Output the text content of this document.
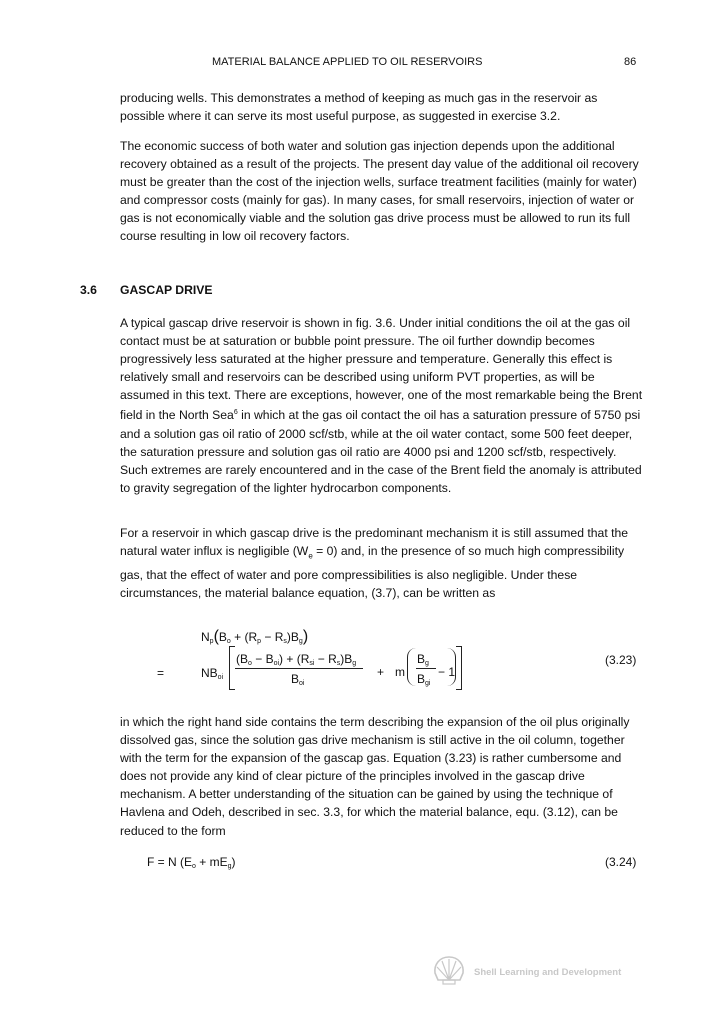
MATERIAL BALANCE APPLIED TO OIL RESERVOIRS	86

producing wells. This demonstrates a method of keeping as much gas in the reservoir as possible where it can serve its most useful purpose, as suggested in exercise 3.2.

The economic success of both water and solution gas injection depends upon the additional recovery obtained as a result of the projects. The present day value of the additional oil recovery must be greater than the cost of the injection wells, surface treatment facilities (mainly for water) and compressor costs (mainly for gas). In many cases, for small reservoirs, injection of water or gas is not economically viable and the solution gas drive process must be allowed to run its full course resulting in low oil recovery factors.

3.6 GASCAP DRIVE

A typical gascap drive reservoir is shown in fig. 3.6. Under initial conditions the oil at the gas oil contact must be at saturation or bubble point pressure. The oil further downdip becomes progressively less saturated at the higher pressure and temperature. Generally this effect is relatively small and reservoirs can be described using uniform PVT properties, as will be assumed in this text. There are exceptions, however, one of the most remarkable being the Brent field in the North Sea$^6$ in which at the gas oil contact the oil has a saturation pressure of 5750 psi and a solution gas oil ratio of 2000 scf/stb, while at the oil water contact, some 500 feet deeper, the saturation pressure and solution gas oil ratio are 4000 psi and 1200 scf/stb, respectively. Such extremes are rarely encountered and in the case of the Brent field the anomaly is attributed to gravity segregation of the lighter hydrocarbon components.

For a reservoir in which gascap drive is the predominant mechanism it is still assumed that the natural water influx is negligible $(W_e = 0)$ and, in the presence of so much high compressibility gas, that the effect of water and pore compressibilities is also negligible. Under these circumstances, the material balance equation, (3.7), can be written as

$N_p(B_o + (R_p - R_s)B_g)$
=	$NB_{oi}$
$(B_o - B_{oi}) + (R_{si} - R_s)B_g$
$B_{oi}$
+ m
$B_g$
$B_{gi}$
− 1
(3.23)

in which the right hand side contains the term describing the expansion of the oil plus originally dissolved gas, since the solution gas drive mechanism is still active in the oil column, together with the term for the expansion of the gascap gas. Equation (3.23) is rather cumbersome and does not provide any kind of clear picture of the principles involved in the gascap drive mechanism. A better understanding of the situation can be gained by using the technique of Havlena and Odeh, described in sec. 3.3, for which the material balance, equ. (3.12), can be reduced to the form

F = N $(E_o + mE_g)$	(3.24)
Shell Learning and Development
